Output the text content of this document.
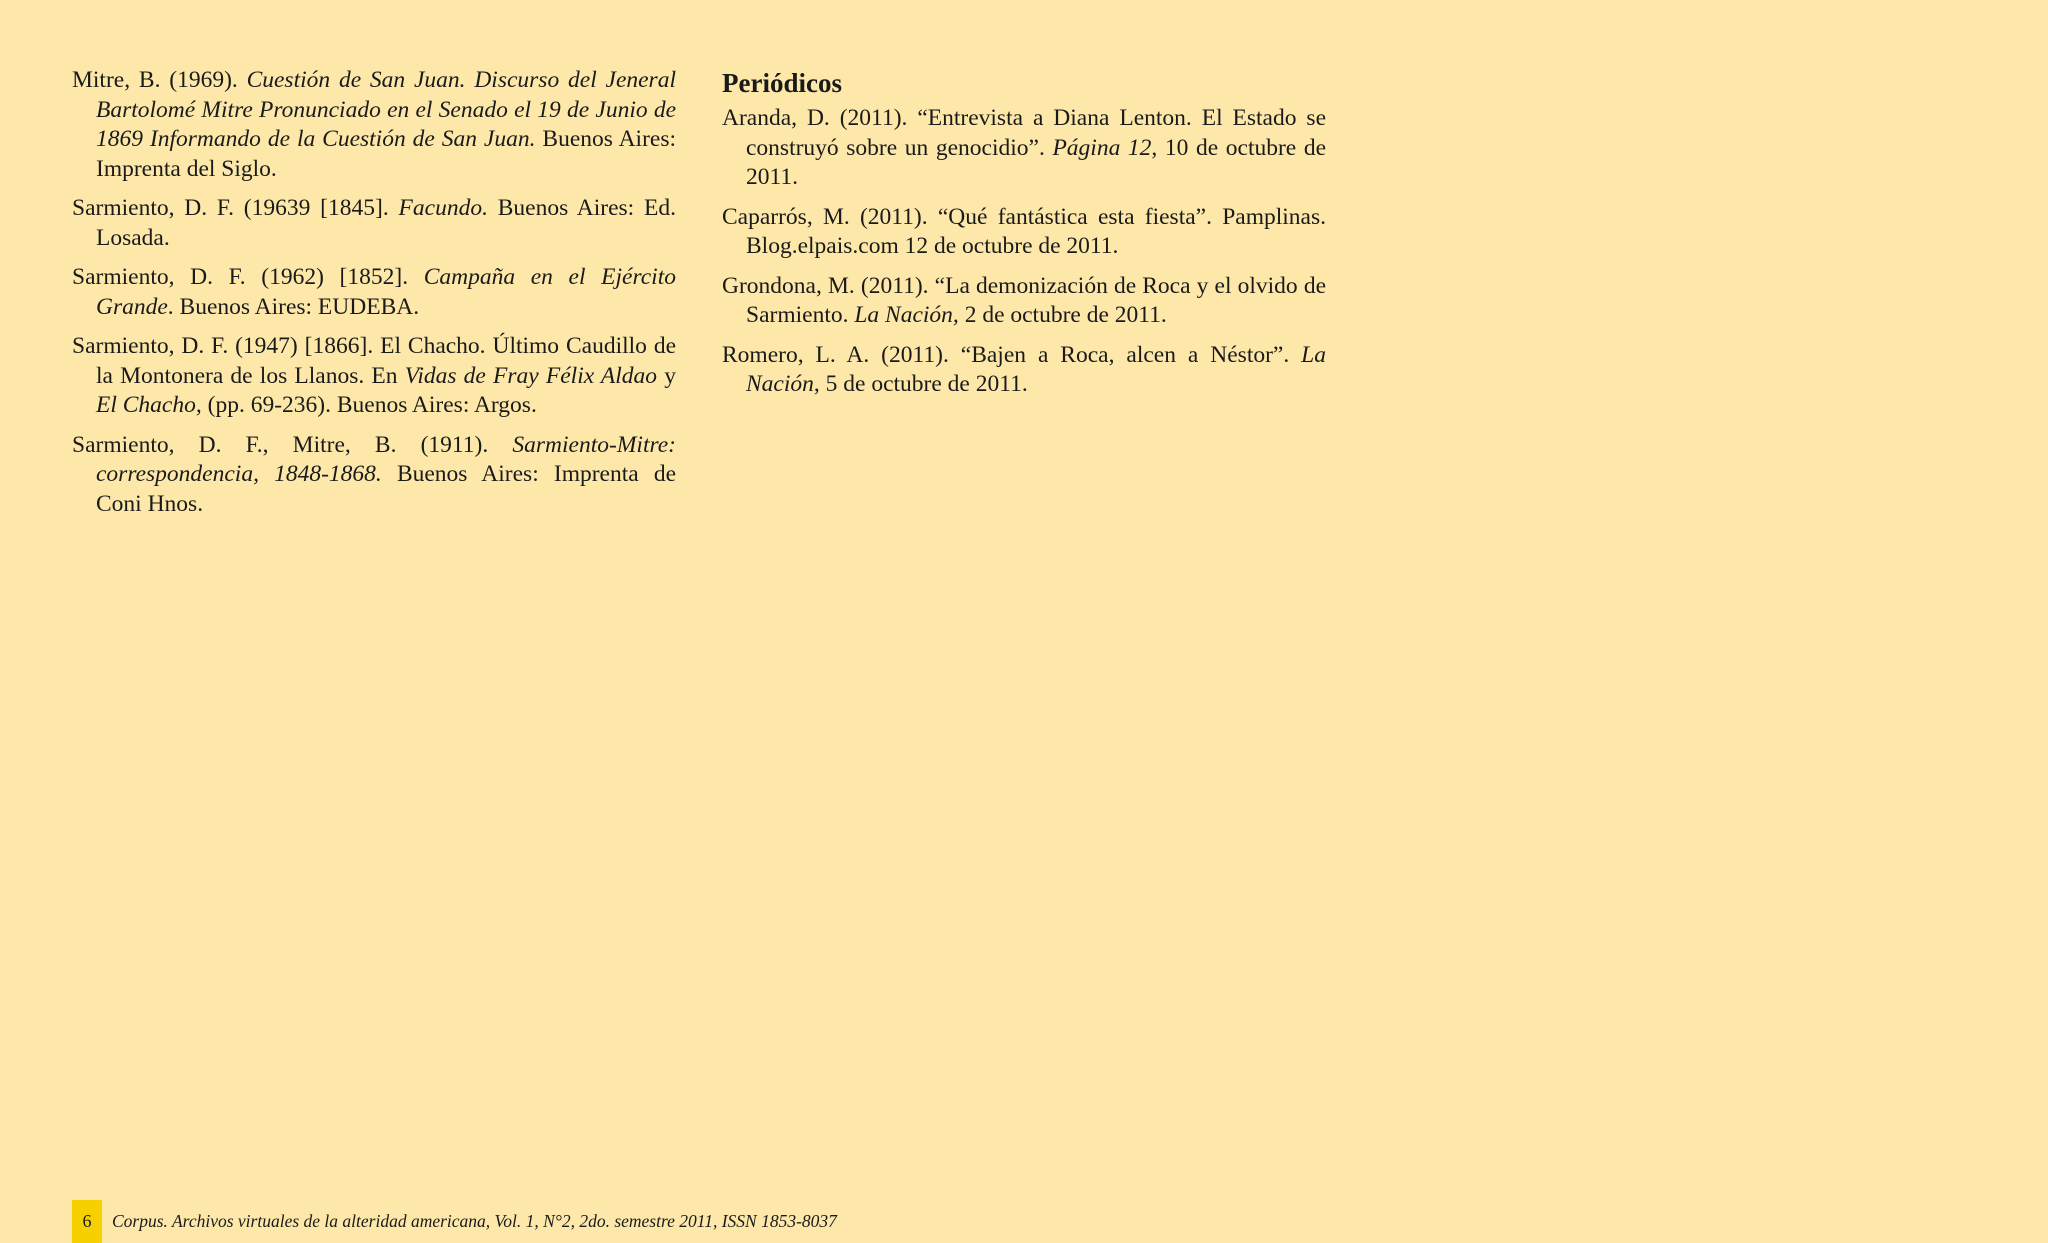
Mitre, B. (1969). Cuestión de San Juan. Discurso del Jeneral Bartolomé Mitre Pronunciado en el Senado el 19 de Junio de 1869 Informando de la Cuestión de San Juan. Buenos Aires: Imprenta del Siglo.

Sarmiento, D. F. (19639 [1845]. Facundo. Buenos Aires: Ed. Losada.

Sarmiento, D. F. (1962) [1852]. Campaña en el Ejército Grande. Buenos Aires: EUDEBA.

Sarmiento, D. F. (1947) [1866]. El Chacho. Último Caudillo de la Montonera de los Llanos. En Vidas de Fray Félix Aldao y El Chacho, (pp. 69-236). Buenos Aires: Argos.

Sarmiento, D. F., Mitre, B. (1911). Sarmiento-Mitre: correspondencia, 1848-1868. Buenos Aires: Imprenta de Coni Hnos.

Periódicos

Aranda, D. (2011). “Entrevista a Diana Lenton. El Estado se construyó sobre un genocidio”. Página 12, 10 de octubre de 2011.

Caparrós, M. (2011). “Qué fantástica esta fiesta”. Pamplinas. Blog.elpais.com 12 de octubre de 2011.

Grondona, M. (2011). “La demonización de Roca y el olvido de Sarmiento. La Nación, 2 de octubre de 2011.

Romero, L. A. (2011). “Bajen a Roca, alcen a Néstor”. La Nación, 5 de octubre de 2011.

6	Corpus. Archivos virtuales de la alteridad americana, Vol. 1, N°2, 2do. semestre 2011, ISSN 1853-8037
